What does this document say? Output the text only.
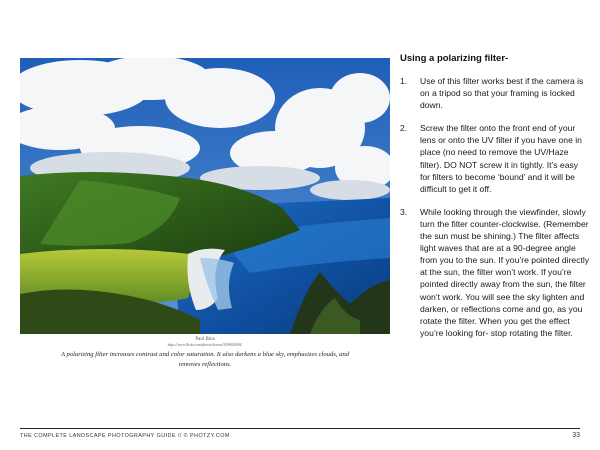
Paul Bica
https://www.flickr.com/photos/dexxus/5096639062/

A polarizing filter increases contrast and color saturation. It also darkens a blue sky, emphasizes clouds, and removes reflections.

Using a polarizing filter-
1. Use of this filter works best if the camera is on a tripod so that your framing is locked down.
2. Screw the filter onto the front end of your lens or onto the UV filter if you have one in place (no need to remove the UV/Haze filter). DO NOT screw it in tightly. It’s easy for filters to become ‘bound’ and it will be difficult to get it off.
3. While looking through the viewfinder, slowly turn the filter counter-clockwise. (Remember the sun must be shining.) The filter affects light waves that are at a 90-degree angle from you to the sun. If you’re pointed directly at the sun, the filter won’t work. If you’re pointed directly away from the sun, the filter won’t work. You will see the sky lighten and darken, or reflections come and go, as you rotate the filter. When you get the effect you’re looking for- stop rotating the filter.
THE COMPLETE LANDSCAPE PHOTOGRAPHY GUIDE // © PHOTZY.COM	33
